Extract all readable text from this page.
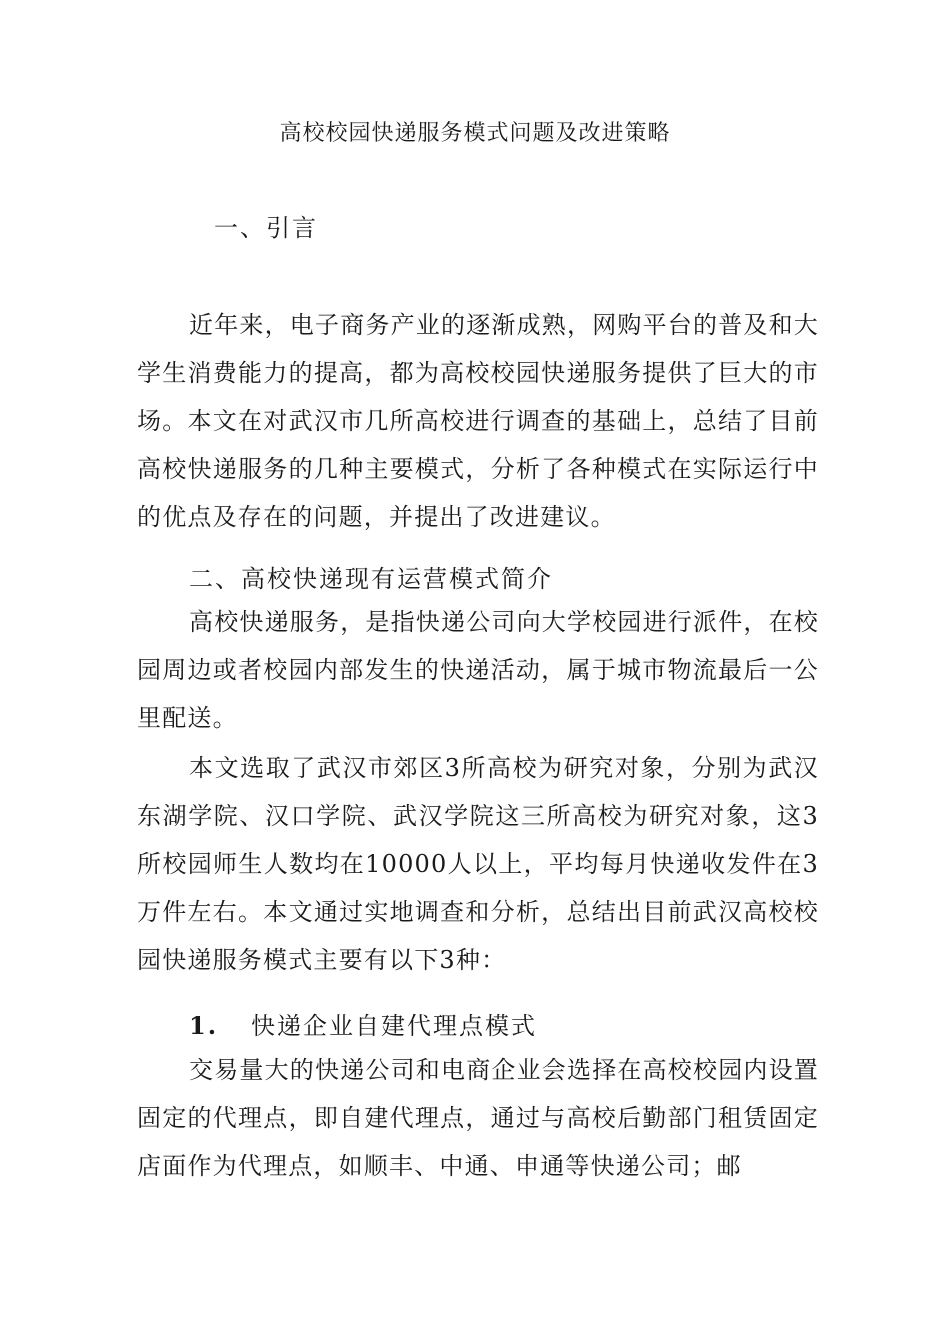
高校校园快递服务模式问题及改进策略
一、引言
近年来，电子商务产业的逐渐成熟，网购平台的普及和大学生消费能力的提高，都为高校校园快递服务提供了巨大的市场。本文在对武汉市几所高校进行调查的基础上，总结了目前高校快递服务的几种主要模式，分析了各种模式在实际运行中的优点及存在的问题，并提出了改进建议。
二、高校快递现有运营模式简介
高校快递服务，是指快递公司向大学校园进行派件，在校园周边或者校园内部发生的快递活动，属于城市物流最后一公里配送。
本文选取了武汉市郊区3所高校为研究对象，分别为武汉东湖学院、汉口学院、武汉学院这三所高校为研究对象，这3所校园师生人数均在10000人以上，平均每月快递收发件在3万件左右。本文通过实地调查和分析，总结出目前武汉高校校园快递服务模式主要有以下3种：
1. 快递企业自建代理点模式
交易量大的快递公司和电商企业会选择在高校校园内设置固定的代理点，即自建代理点，通过与高校后勤部门租赁固定店面作为代理点，如顺丰、中通、申通等快递公司；邮
